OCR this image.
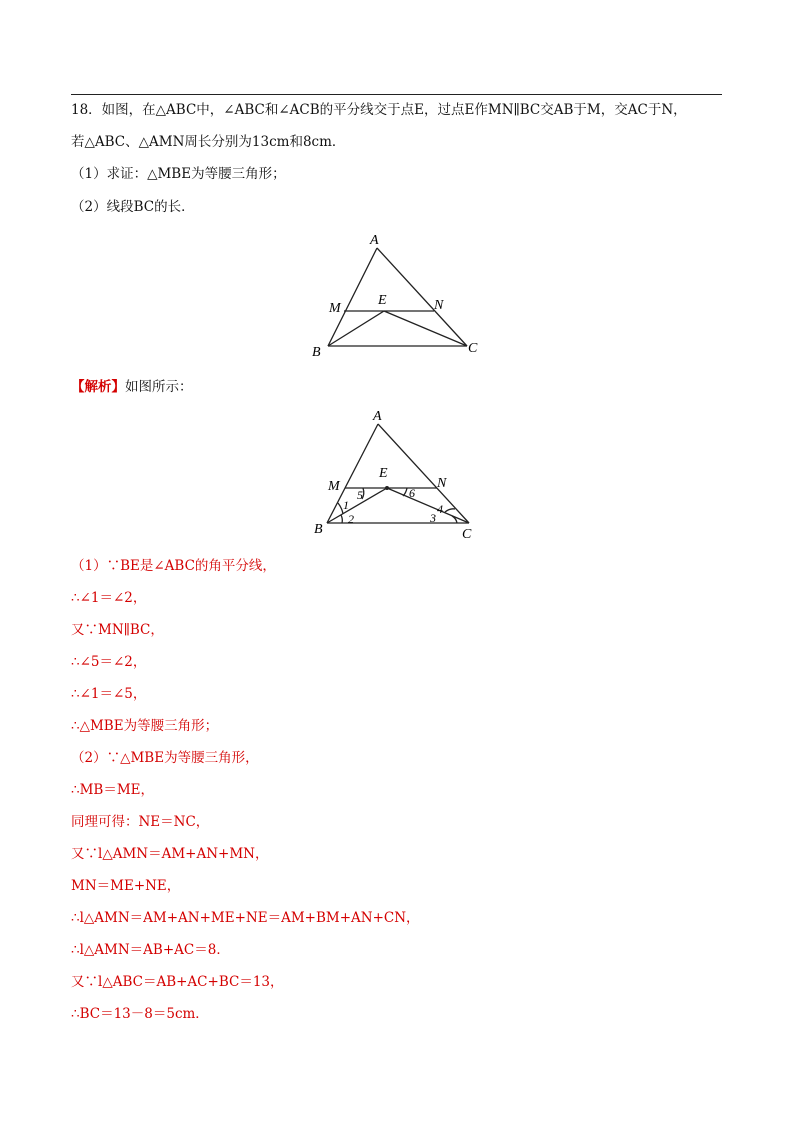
18．如图，在△ABC中，∠ABC和∠ACB的平分线交于点E，过点E作MN∥BC交AB于M，交AC于N，
若△ABC、△AMN周长分别为13cm和8cm．
（1）求证：△MBE为等腰三角形；
（2）线段BC的长．
A
B	C
M	N
E
【解析】如图所示：
A
B	C
M	N
E
1
2
5	6
3
4
（1）∵BE是∠ABC的角平分线，
∴∠1＝∠2，
又∵MN∥BC，
∴∠5＝∠2，
∴∠1＝∠5，
∴△MBE为等腰三角形；
（2）∵△MBE为等腰三角形，
∴MB＝ME，
同理可得：NE＝NC，
又∵l△AMN＝AM+AN+MN，
MN＝ME+NE，
∴l△AMN＝AM+AN+ME+NE＝AM+BM+AN+CN，
∴l△AMN＝AB+AC＝8．
又∵l△ABC＝AB+AC+BC＝13，
∴BC＝13－8＝5cm．
